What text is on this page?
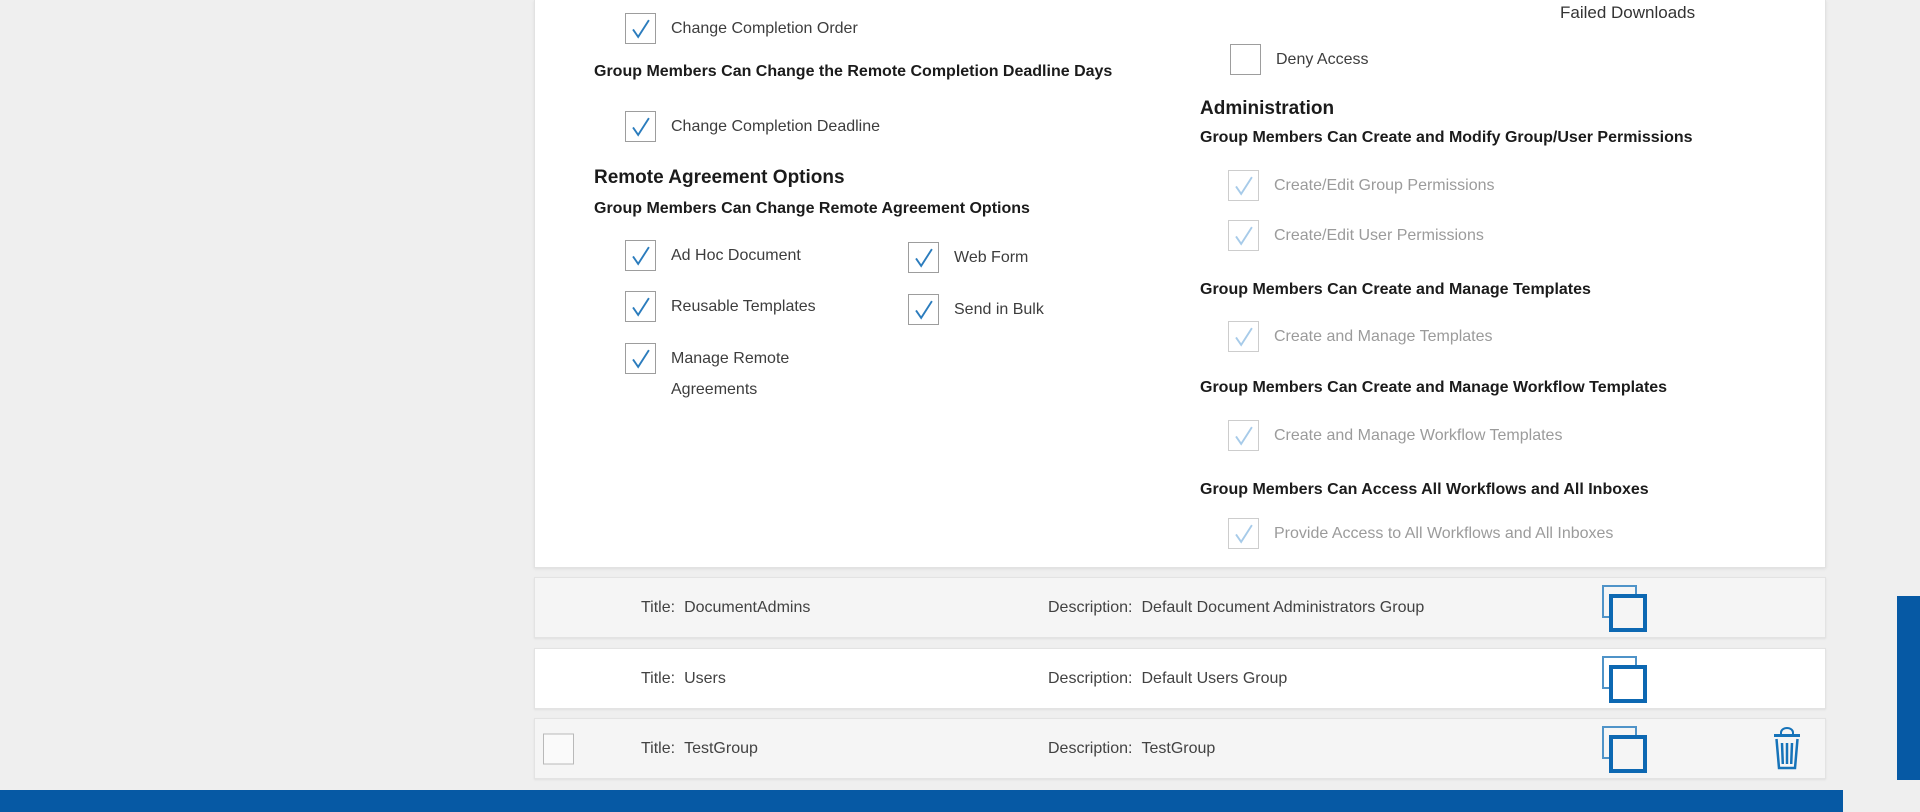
Change Completion Order
Group Members Can Change the Remote Completion Deadline Days
Change Completion Deadline
Remote Agreement Options
Group Members Can Change Remote Agreement Options
Ad Hoc Document	Web Form
Reusable Templates	Send in Bulk
Manage Remote Agreements
Failed Downloads
Deny Access
Administration
Group Members Can Create and Modify Group/User Permissions
Create/Edit Group Permissions
Create/Edit User Permissions
Group Members Can Create and Manage Templates
Create and Manage Templates
Group Members Can Create and Manage Workflow Templates
Create and Manage Workflow Templates
Group Members Can Access All Workflows and All Inboxes
Provide Access to All Workflows and All Inboxes
Title: DocumentAdmins	Description: Default Document Administrators Group
Title: Users	Description: Default Users Group
Title: TestGroup	Description: TestGroup
